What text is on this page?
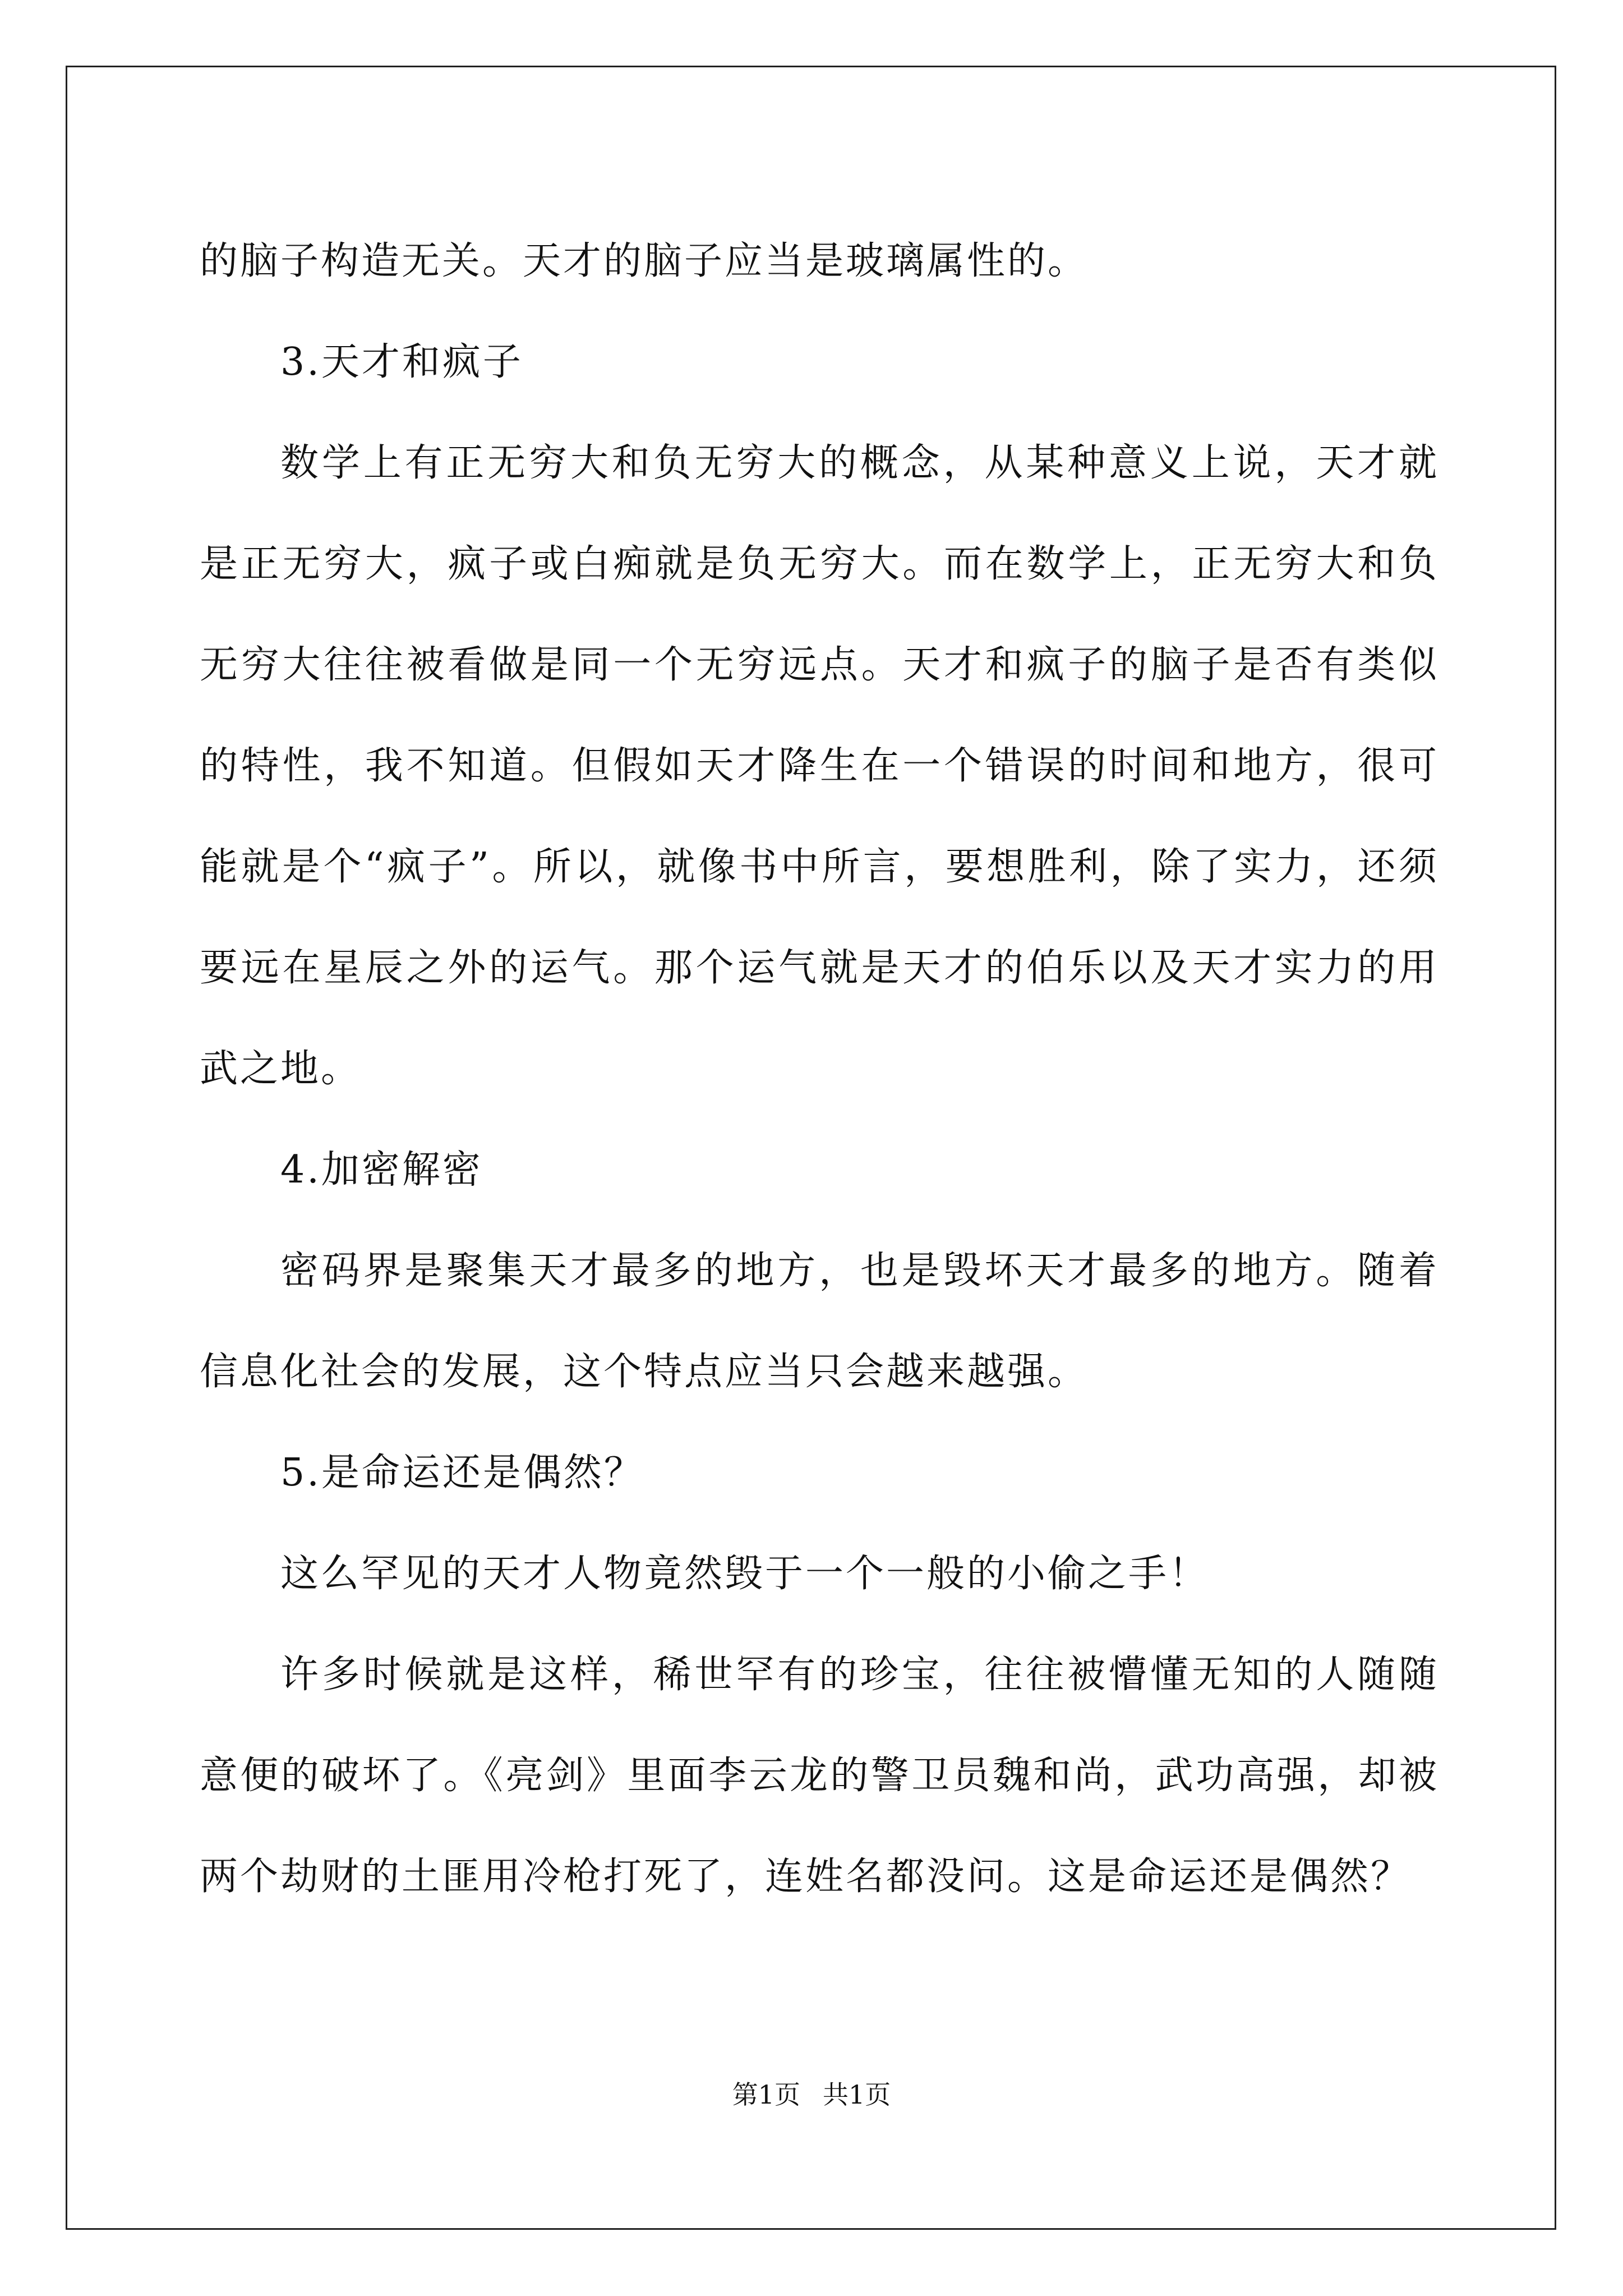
的脑子构造无关。天才的脑子应当是玻璃属性的。

3.天才和疯子

数学上有正无穷大和负无穷大的概念，从某种意义上说，天才就是正无穷大，疯子或白痴就是负无穷大。而在数学上，正无穷大和负无穷大往往被看做是同一个无穷远点。天才和疯子的脑子是否有类似的特性，我不知道。但假如天才降生在一个错误的时间和地方，很可能就是个“疯子”。所以，就像书中所言，要想胜利，除了实力，还须要远在星辰之外的运气。那个运气就是天才的伯乐以及天才实力的用武之地。

4.加密解密

密码界是聚集天才最多的地方，也是毁坏天才最多的地方。随着信息化社会的发展，这个特点应当只会越来越强。

5.是命运还是偶然？

这么罕见的天才人物竟然毁于一个一般的小偷之手！

许多时候就是这样，稀世罕有的珍宝，往往被懵懂无知的人随随意便的破坏了。《亮剑》里面李云龙的警卫员魏和尚，武功高强，却被两个劫财的土匪用冷枪打死了，连姓名都没问。这是命运还是偶然？

第1页 共1页
